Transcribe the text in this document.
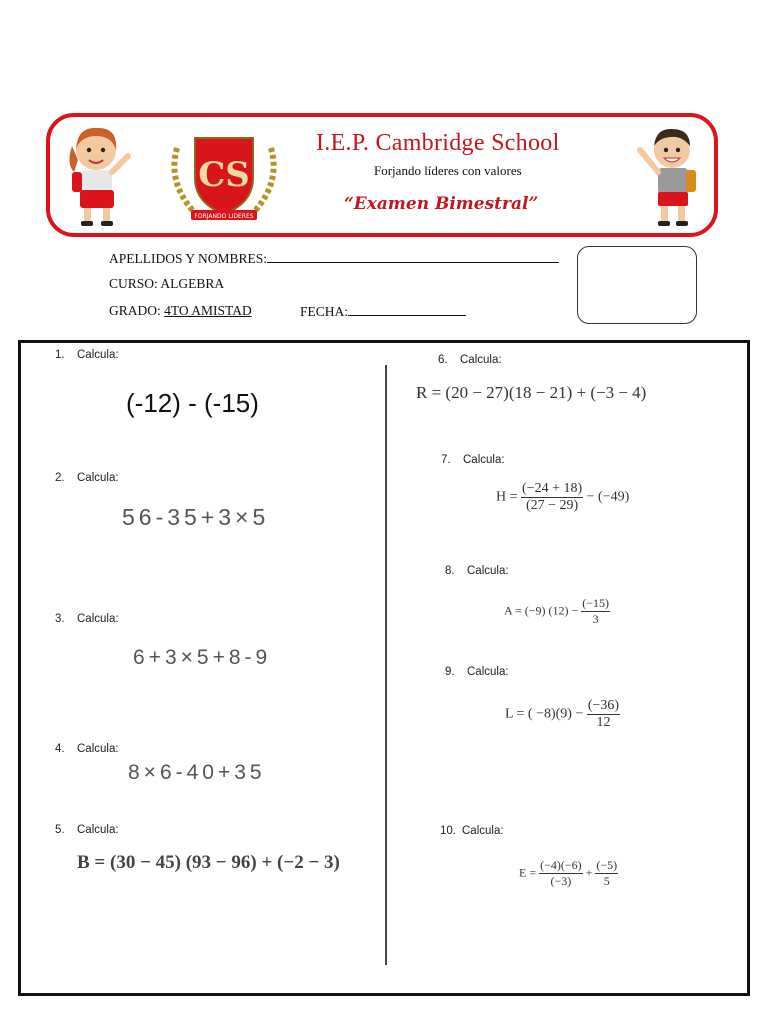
CS
FORJANDO LIDERES
I.E.P. Cambridge School
Forjando líderes con valores
“Examen Bimestral”
APELLIDOS Y NOMBRES:
CURSO: ALGEBRA
GRADO: 4TO AMISTAD	FECHA:
1. Calcula:
(-12) - (-15)
2. Calcula:
56-35+3×5
3. Calcula:
6+3×5+8-9
4. Calcula:
8×6-40+35
5. Calcula:
B = (30 − 45) (93 − 96) + (−2 − 3)
6. Calcula:
R = (20 − 27)(18 − 21) + (−3 − 4)
7. Calcula:
$H = \frac{(-24 + 18)}{(27 - 29)} - (-49)$
8. Calcula:
A = (−9) $(12) - \frac{(-15)}{3}$
9. Calcula:
L = ( $-8)(9) - \frac{(-36)}{12}$
10. Calcula:
$E = \frac{(-4)(-6)}{(-3)} + \frac{(-5)}{5}$
